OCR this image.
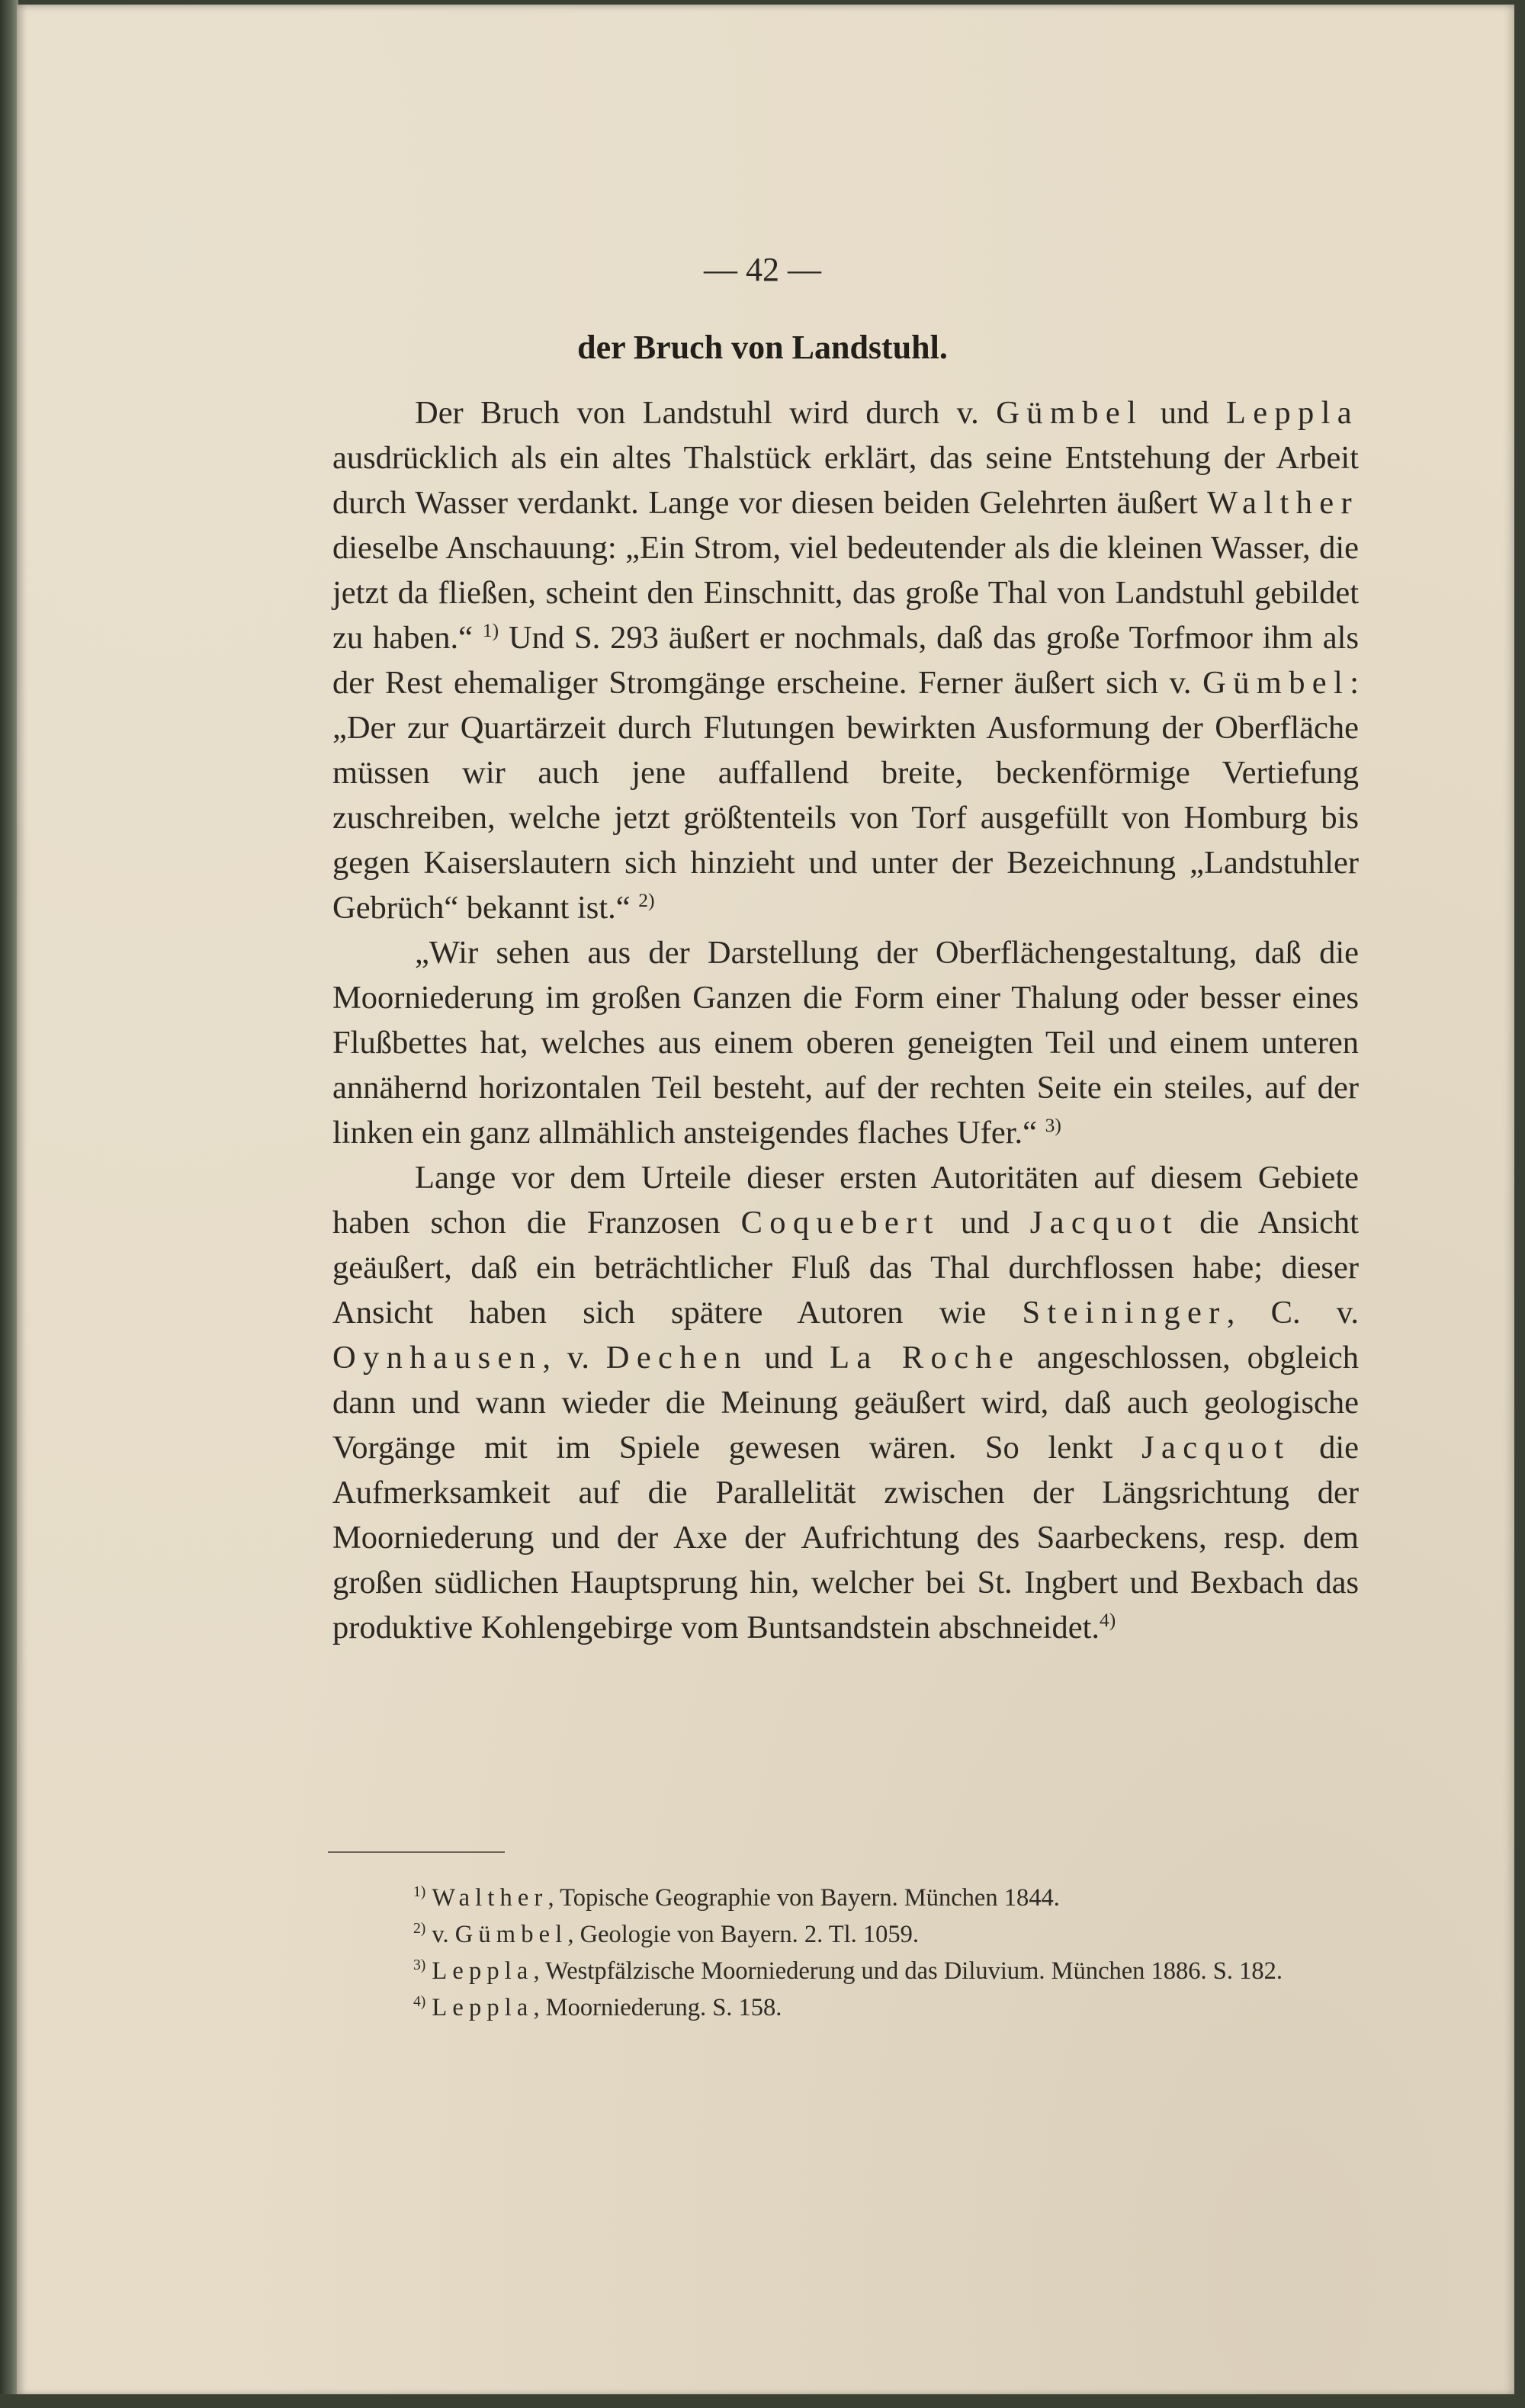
— 42 —
der Bruch von Landstuhl.

Der Bruch von Landstuhl wird durch v. Gümbel und Leppla ausdrücklich als ein altes Thalstück erklärt, das seine Entstehung der Arbeit durch Wasser verdankt. Lange vor diesen beiden Gelehrten äußert Walther dieselbe Anschauung: „Ein Strom, viel bedeutender als die kleinen Wasser, die jetzt da fließen, scheint den Einschnitt, das große Thal von Landstuhl gebildet zu haben.“ $^{1)}$ Und S. 293 äußert er nochmals, daß das große Torfmoor ihm als der Rest ehemaliger Stromgänge erscheine. Ferner äußert sich v. Gümbel: „Der zur Quartärzeit durch Flutungen bewirkten Ausformung der Oberfläche müssen wir auch jene auffallend breite, beckenförmige Vertiefung zuschreiben, welche jetzt größtenteils von Torf ausgefüllt von Homburg bis gegen Kaiserslautern sich hinzieht und unter der Bezeichnung „Landstuhler Gebrüch“ bekannt ist.“ $^{2)}$

„Wir sehen aus der Darstellung der Oberflächengestaltung, daß die Moorniederung im großen Ganzen die Form einer Thalung oder besser eines Flußbettes hat, welches aus einem oberen geneigten Teil und einem unteren annähernd horizontalen Teil besteht, auf der rechten Seite ein steiles, auf der linken ein ganz allmählich ansteigendes flaches Ufer.“ $^{3)}$

Lange vor dem Urteile dieser ersten Autoritäten auf diesem Gebiete haben schon die Franzosen Coquebert und Jacquot die Ansicht geäußert, daß ein beträchtlicher Fluß das Thal durchflossen habe; dieser Ansicht haben sich spätere Autoren wie Steininger, C. v. Oynhausen, v. Dechen und La Roche angeschlossen, obgleich dann und wann wieder die Meinung geäußert wird, daß auch geologische Vorgänge mit im Spiele gewesen wären. So lenkt Jacquot die Aufmerksamkeit auf die Parallelität zwischen der Längsrichtung der Moorniederung und der Axe der Aufrichtung des Saarbeckens, resp. dem großen südlichen Hauptsprung hin, welcher bei St. Ingbert und Bexbach das produktive Kohlengebirge vom Buntsandstein abschneidet.$^{4)}$

$^{1)}$ Walther, Topische Geographie von Bayern. München 1844.

$^{2)}$ v. Gümbel, Geologie von Bayern. 2. Tl. 1059.

$^{3)}$ Leppla, Westpfälzische Moorniederung und das Diluvium. München 1886. S. 182.

$^{4)}$ Leppla, Moorniederung. S. 158.
